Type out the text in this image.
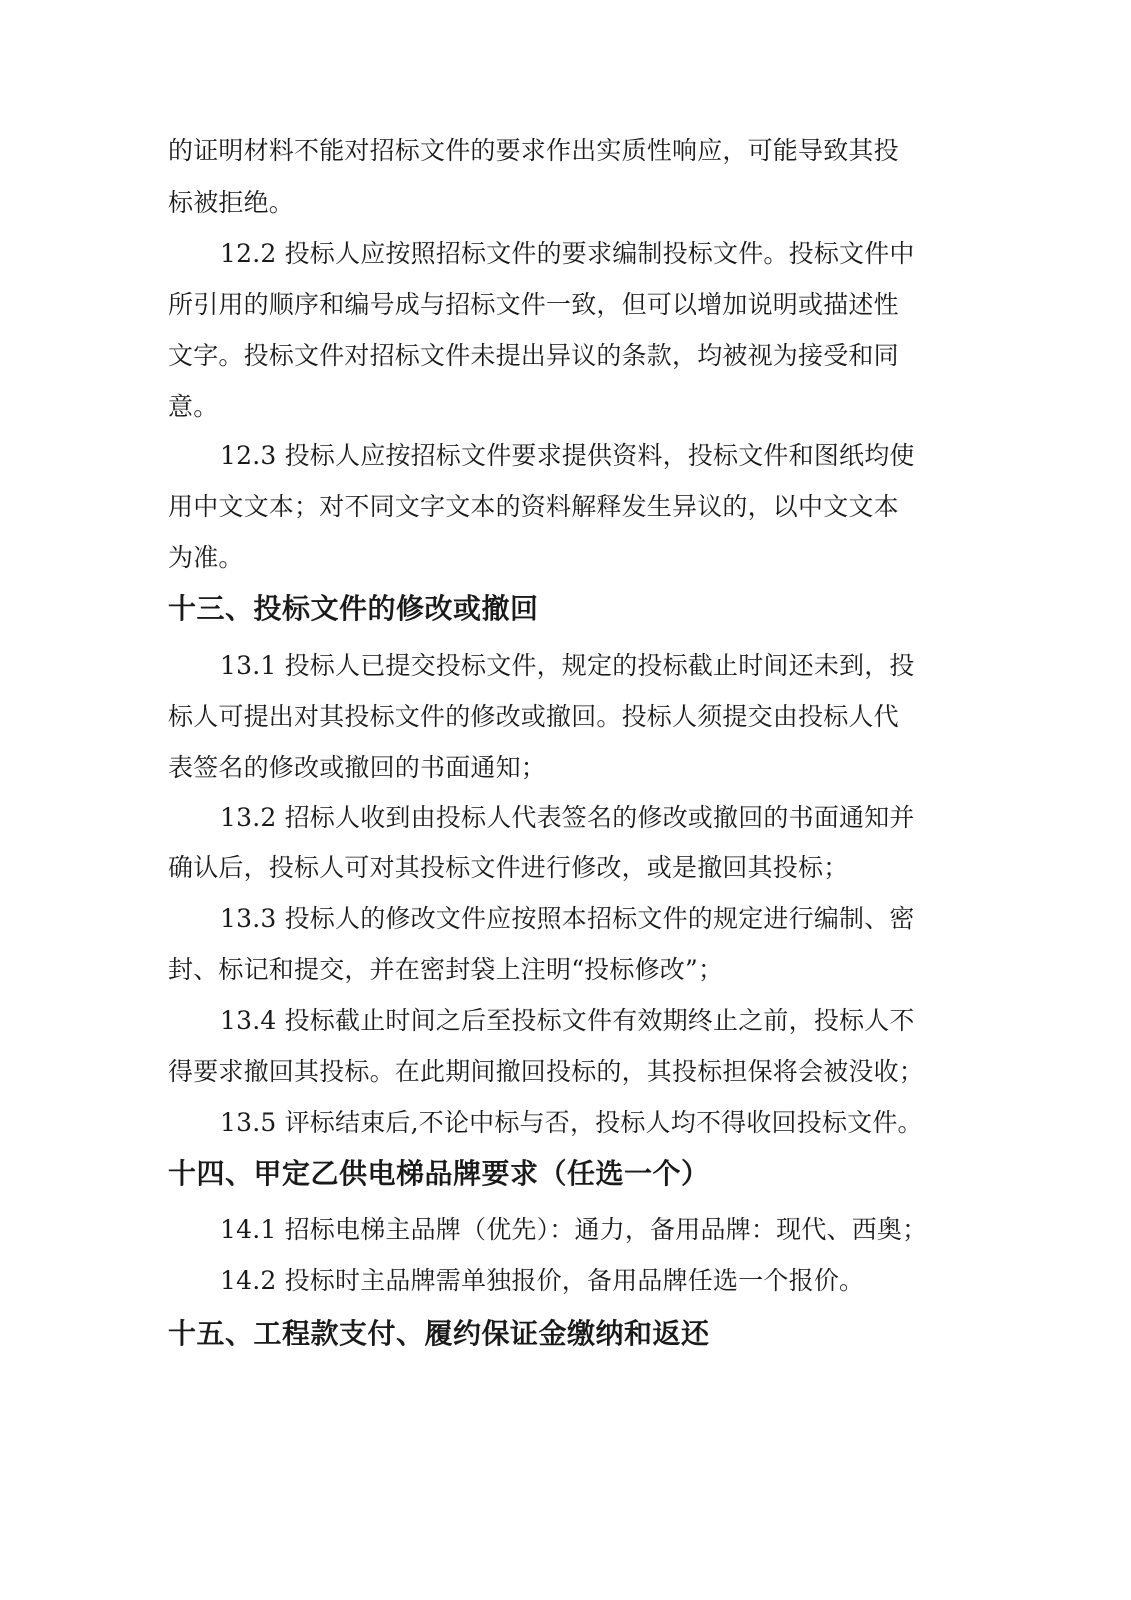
的证明材料不能对招标文件的要求作出实质性响应，可能导致其投
标被拒绝。
12.2 投标人应按照招标文件的要求编制投标文件。投标文件中
所引用的顺序和编号成与招标文件一致，但可以增加说明或描述性
文字。投标文件对招标文件未提出异议的条款，均被视为接受和同
意。
12.3 投标人应按招标文件要求提供资料，投标文件和图纸均使
用中文文本；对不同文字文本的资料解释发生异议的，以中文文本
为准。
十三、投标文件的修改或撤回
13.1 投标人已提交投标文件，规定的投标截止时间还未到，投
标人可提出对其投标文件的修改或撤回。投标人须提交由投标人代
表签名的修改或撤回的书面通知；
13.2 招标人收到由投标人代表签名的修改或撤回的书面通知并
确认后，投标人可对其投标文件进行修改，或是撤回其投标；
13.3 投标人的修改文件应按照本招标文件的规定进行编制、密
封、标记和提交，并在密封袋上注明“投标修改”；
13.4 投标截止时间之后至投标文件有效期终止之前，投标人不
得要求撤回其投标。在此期间撤回投标的，其投标担保将会被没收；
13.5 评标结束后,不论中标与否，投标人均不得收回投标文件。
十四、甲定乙供电梯品牌要求（任选一个）
14.1 招标电梯主品牌（优先）：通力，备用品牌：现代、西奥；
14.2 投标时主品牌需单独报价，备用品牌任选一个报价。
十五、工程款支付、履约保证金缴纳和返还
